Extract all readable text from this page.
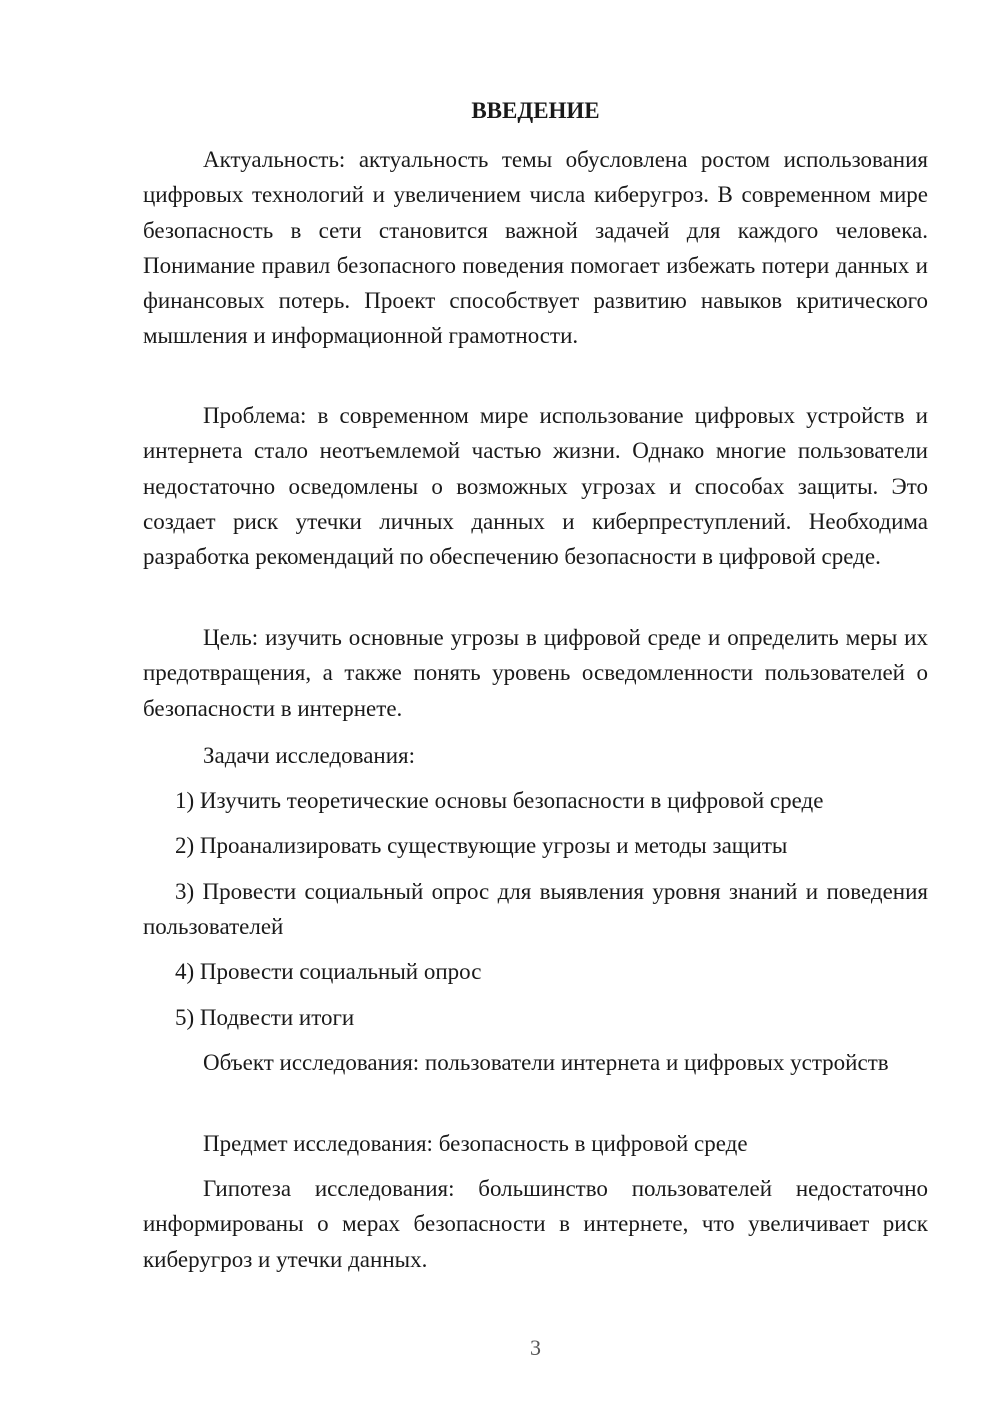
ВВЕДЕНИЕ

Актуальность: актуальность темы обусловлена ростом использования цифровых технологий и увеличением числа киберугроз. В современном мире безопасность в сети становится важной задачей для каждого человека. Понимание правил безопасного поведения помогает избежать потери данных и финансовых потерь. Проект способствует развитию навыков критического мышления и информационной грамотности.

Проблема: в современном мире использование цифровых устройств и интернета стало неотъемлемой частью жизни. Однако многие пользователи недостаточно осведомлены о возможных угрозах и способах защиты. Это создает риск утечки личных данных и киберпреступлений. Необходима разработка рекомендаций по обеспечению безопасности в цифровой среде.

Цель: изучить основные угрозы в цифровой среде и определить меры их предотвращения, а также понять уровень осведомленности пользователей о безопасности в интернете.

Задачи исследования:

1) Изучить теоретические основы безопасности в цифровой среде

2) Проанализировать существующие угрозы и методы защиты

3) Провести социальный опрос для выявления уровня знаний и поведения пользователей

4) Провести социальный опрос

5) Подвести итоги

Объект исследования: пользователи интернета и цифровых устройств

Предмет исследования: безопасность в цифровой среде

Гипотеза исследования: большинство пользователей недостаточно информированы о мерах безопасности в интернете, что увеличивает риск киберугроз и утечки данных.

3
